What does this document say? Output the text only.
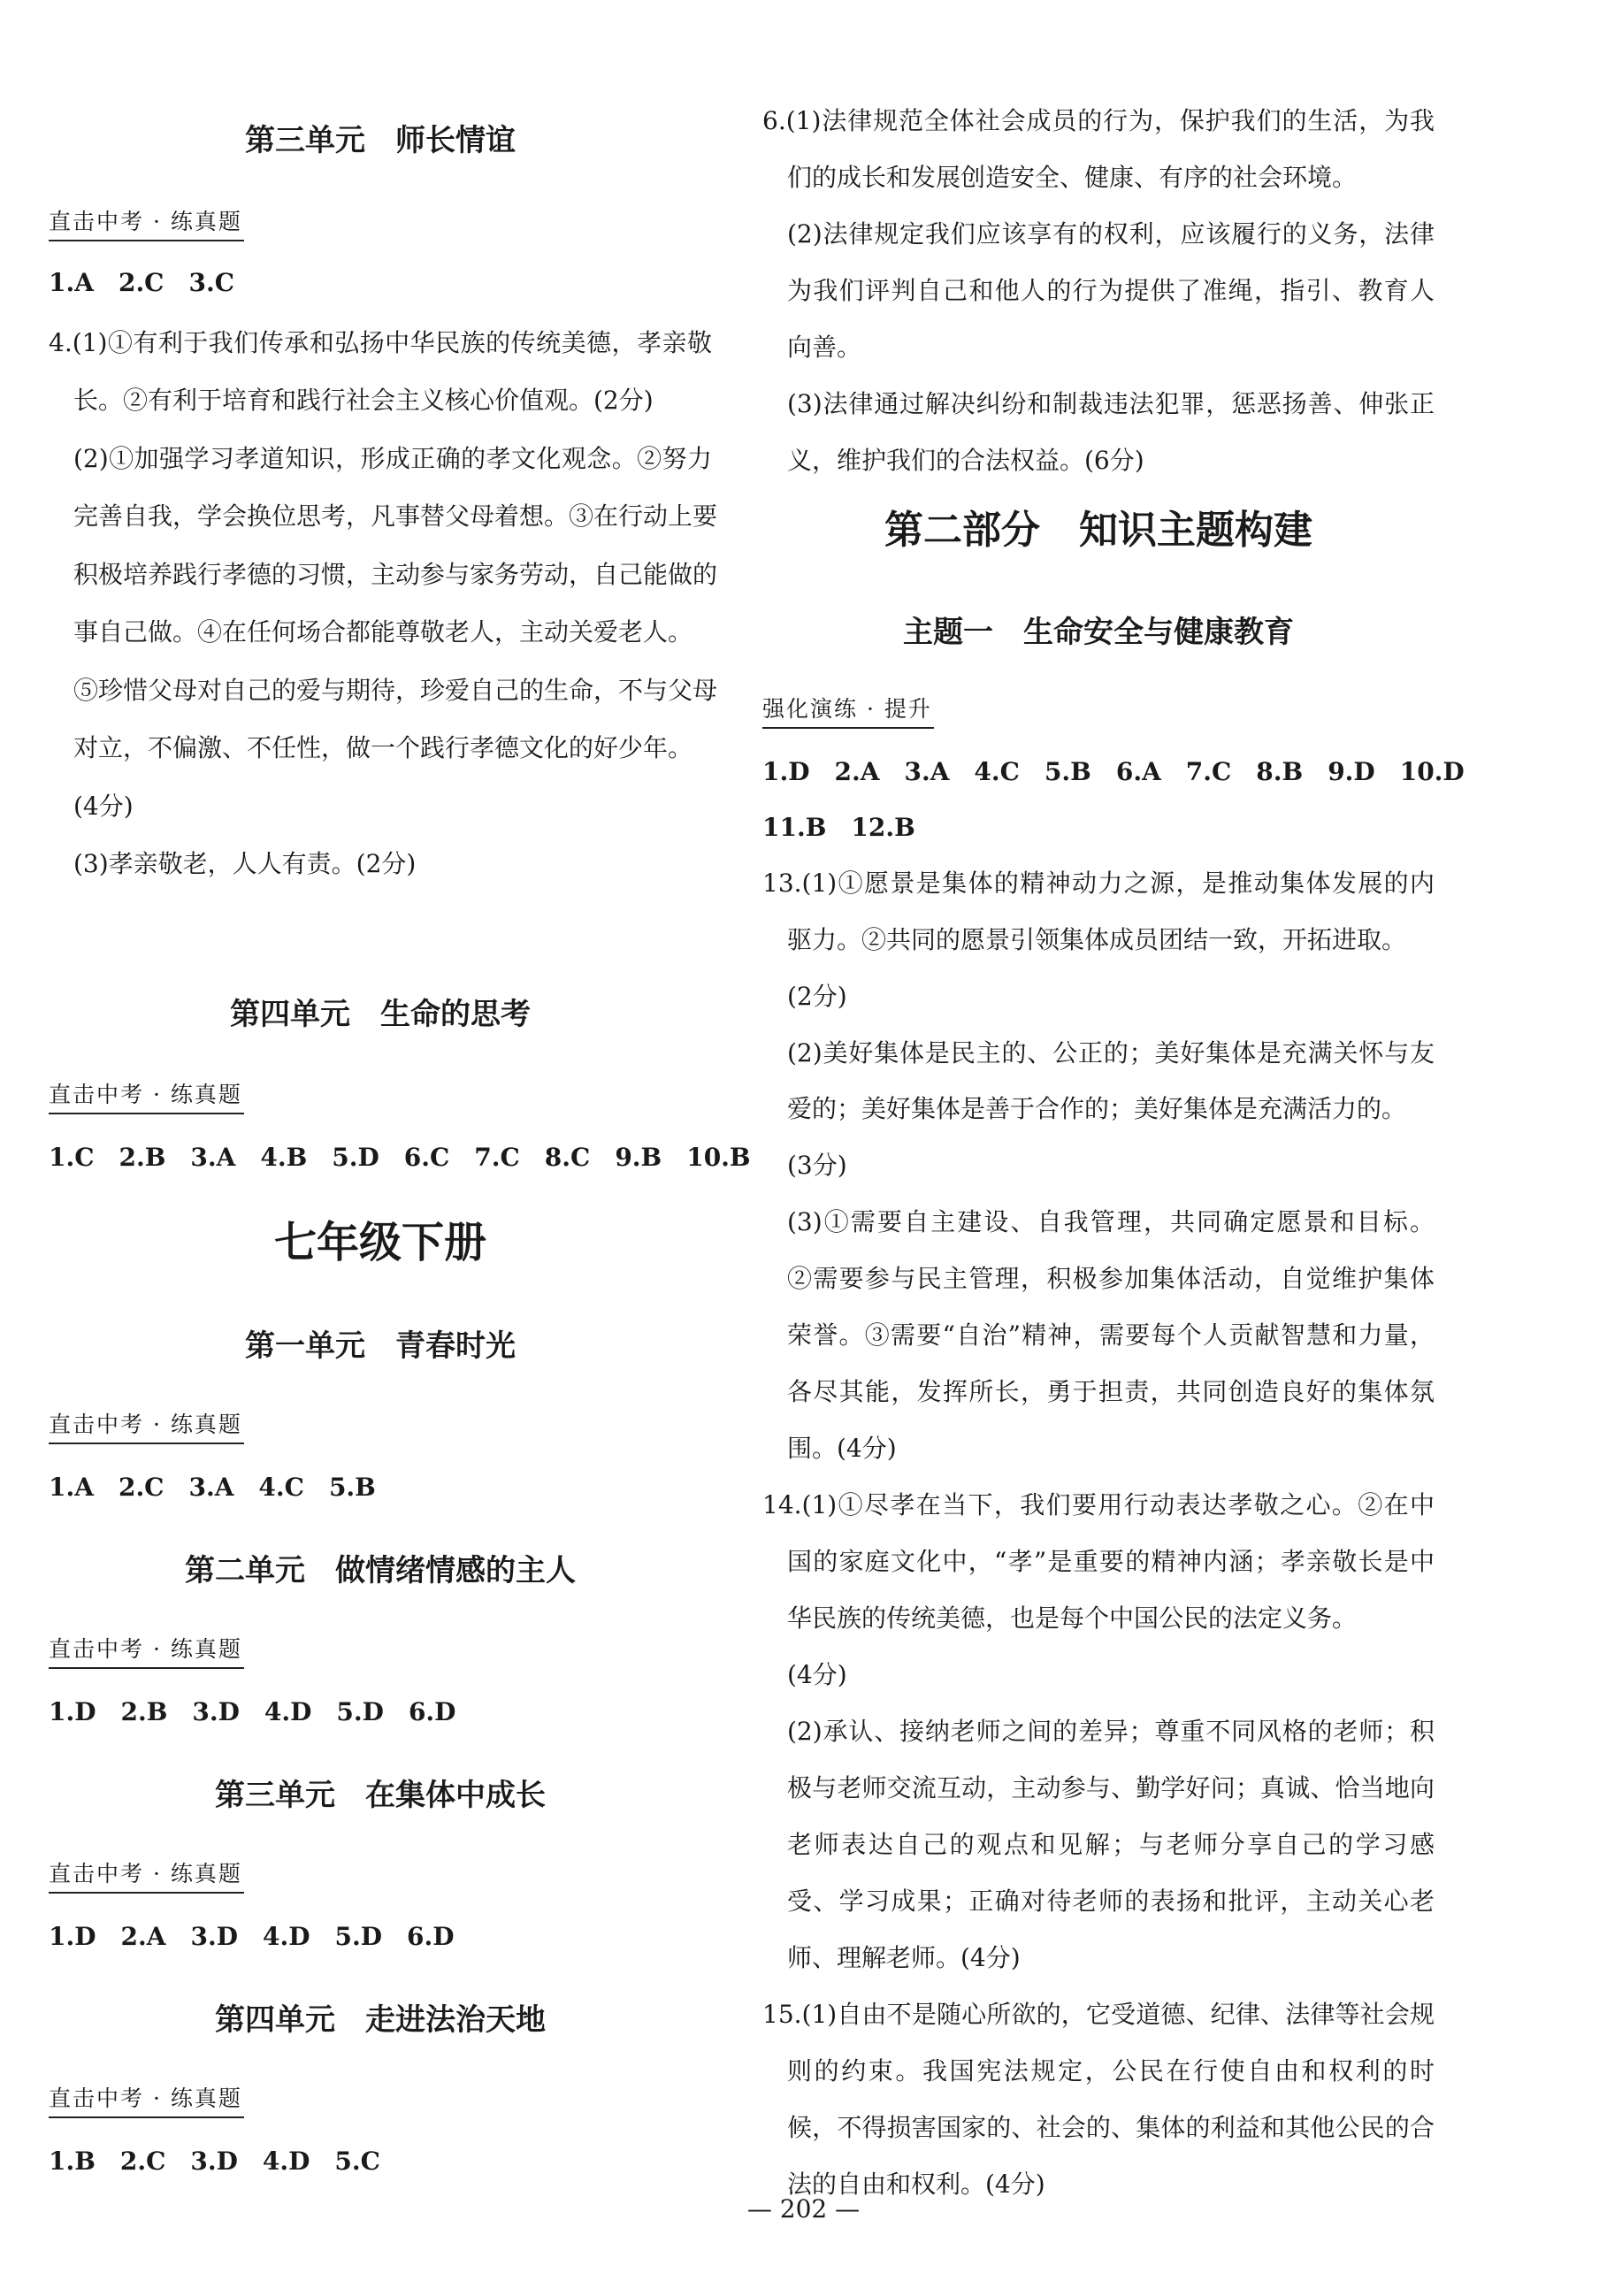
第三单元　师长情谊
直击中考 · 练真题
1.A　2.C　3.C
4.(1)①有利于我们传承和弘扬中华民族的传统美德，孝亲敬
长。②有利于培育和践行社会主义核心价值观。(2分)
(2)①加强学习孝道知识，形成正确的孝文化观念。②努力
完善自我，学会换位思考，凡事替父母着想。③在行动上要
积极培养践行孝德的习惯，主动参与家务劳动，自己能做的
事自己做。④在任何场合都能尊敬老人，主动关爱老人。
⑤珍惜父母对自己的爱与期待，珍爱自己的生命，不与父母
对立，不偏激、不任性，做一个践行孝德文化的好少年。
(4分)
(3)孝亲敬老，人人有责。(2分)
第四单元　生命的思考
直击中考 · 练真题
1.C　2.B　3.A　4.B　5.D　6.C　7.C　8.C　9.B　10.B
七年级下册
第一单元　青春时光
直击中考 · 练真题
1.A　2.C　3.A　4.C　5.B
第二单元　做情绪情感的主人
直击中考 · 练真题
1.D　2.B　3.D　4.D　5.D　6.D
第三单元　在集体中成长
直击中考 · 练真题
1.D　2.A　3.D　4.D　5.D　6.D
第四单元　走进法治天地
直击中考 · 练真题
1.B　2.C　3.D　4.D　5.C
6.(1)法律规范全体社会成员的行为，保护我们的生活，为我
们的成长和发展创造安全、健康、有序的社会环境。
(2)法律规定我们应该享有的权利，应该履行的义务，法律
为我们评判自己和他人的行为提供了准绳，指引、教育人
向善。
(3)法律通过解决纠纷和制裁违法犯罪，惩恶扬善、伸张正
义，维护我们的合法权益。(6分)
第二部分　知识主题构建
主题一　生命安全与健康教育
强化演练 · 提升
1.D　2.A　3.A　4.C　5.B　6.A　7.C　8.B　9.D　10.D
11.B　12.B
13.(1)①愿景是集体的精神动力之源，是推动集体发展的内
驱力。②共同的愿景引领集体成员团结一致，开拓进取。
(2分)
(2)美好集体是民主的、公正的；美好集体是充满关怀与友
爱的；美好集体是善于合作的；美好集体是充满活力的。
(3分)
(3)①需要自主建设、自我管理，共同确定愿景和目标。
②需要参与民主管理，积极参加集体活动，自觉维护集体
荣誉。③需要“自治”精神，需要每个人贡献智慧和力量，
各尽其能，发挥所长，勇于担责，共同创造良好的集体氛
围。(4分)
14.(1)①尽孝在当下，我们要用行动表达孝敬之心。②在中
国的家庭文化中，“孝”是重要的精神内涵；孝亲敬长是中
华民族的传统美德，也是每个中国公民的法定义务。
(4分)
(2)承认、接纳老师之间的差异；尊重不同风格的老师；积
极与老师交流互动，主动参与、勤学好问；真诚、恰当地向
老师表达自己的观点和见解；与老师分享自己的学习感
受、学习成果；正确对待老师的表扬和批评，主动关心老
师、理解老师。(4分)
15.(1)自由不是随心所欲的，它受道德、纪律、法律等社会规
则的约束。我国宪法规定，公民在行使自由和权利的时
候，不得损害国家的、社会的、集体的利益和其他公民的合
法的自由和权利。(4分)
— 202 —
